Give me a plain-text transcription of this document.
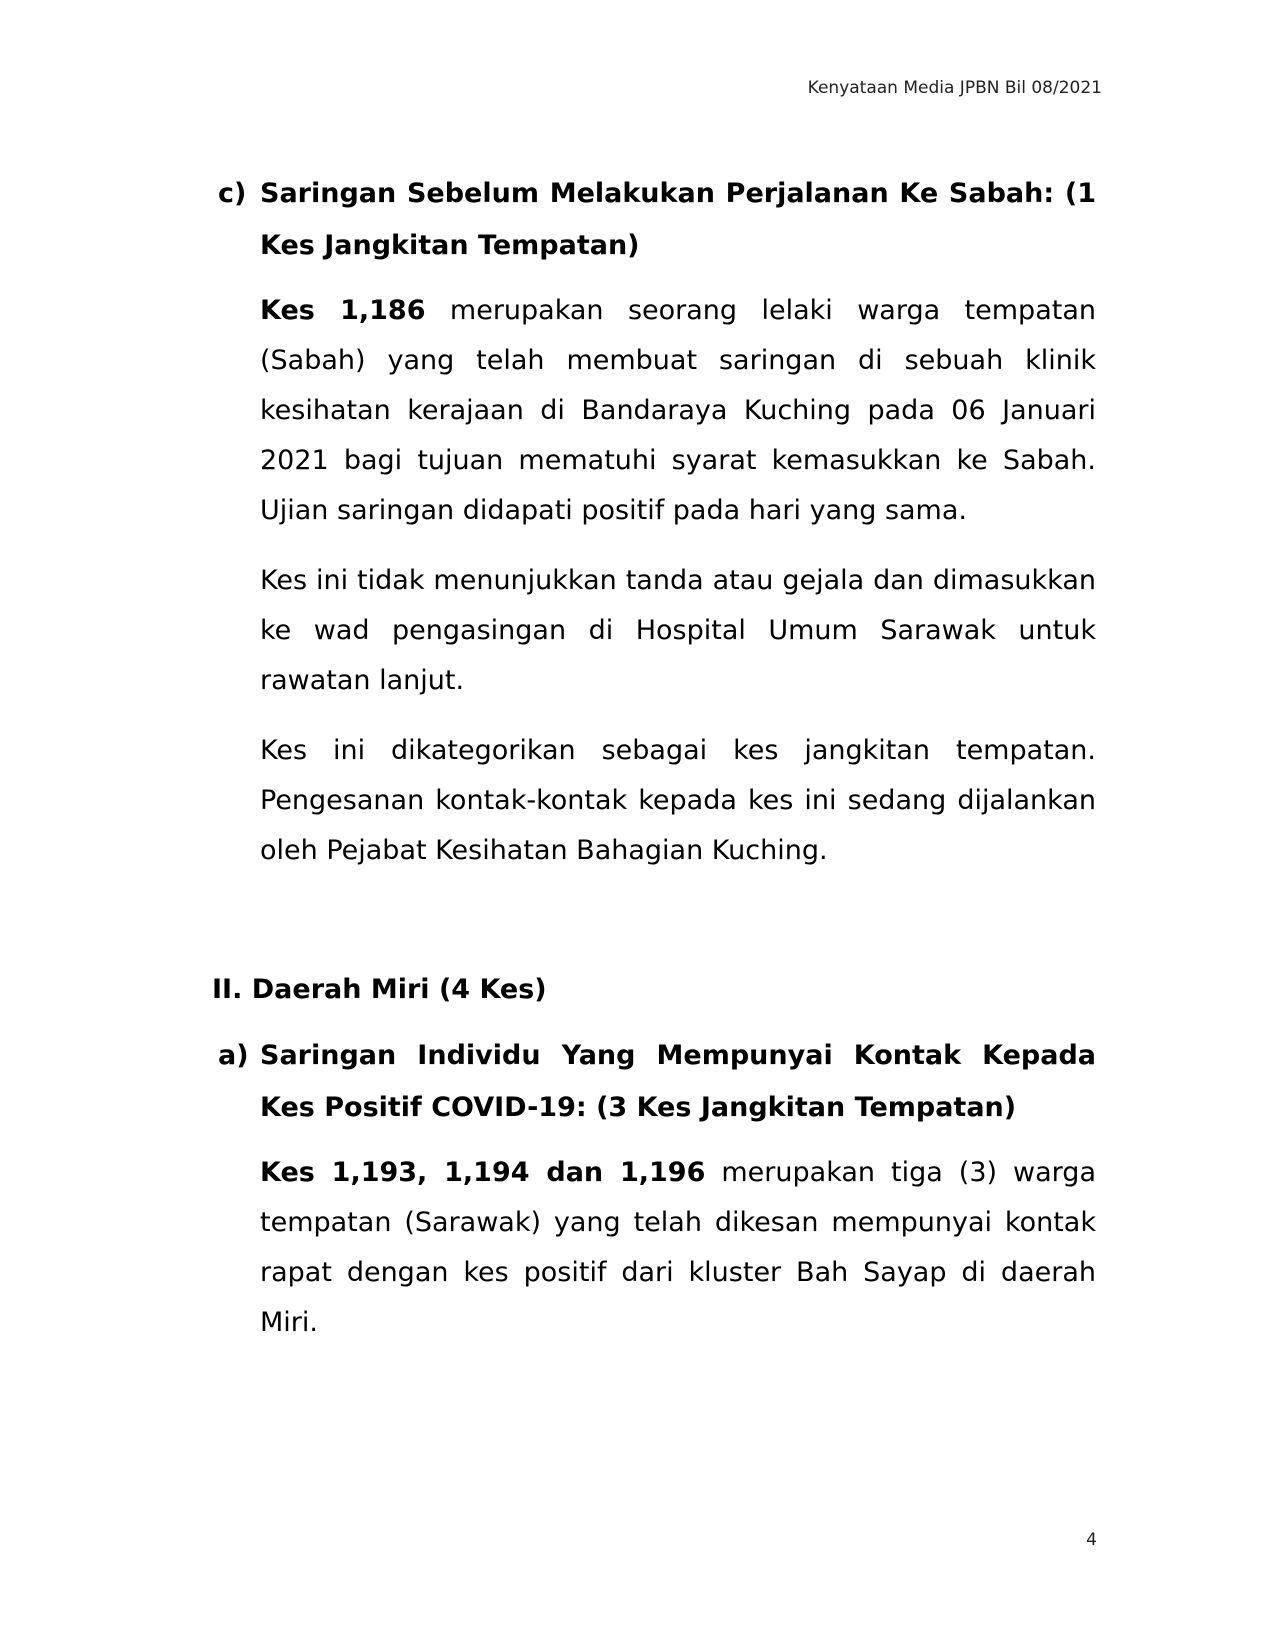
Kenyataan Media JPBN Bil 08/2021
c) Saringan Sebelum Melakukan Perjalanan Ke Sabah: (1 Kes Jangkitan Tempatan)

Kes 1,186 merupakan seorang lelaki warga tempatan (Sabah) yang telah membuat saringan di sebuah klinik kesihatan kerajaan di Bandaraya Kuching pada 06 Januari 2021 bagi tujuan mematuhi syarat kemasukkan ke Sabah. Ujian saringan didapati positif pada hari yang sama.

Kes ini tidak menunjukkan tanda atau gejala dan dimasukkan ke wad pengasingan di Hospital Umum Sarawak untuk rawatan lanjut.

Kes ini dikategorikan sebagai kes jangkitan tempatan. Pengesanan kontak-kontak kepada kes ini sedang dijalankan oleh Pejabat Kesihatan Bahagian Kuching.

II. Daerah Miri (4 Kes)
a) Saringan Individu Yang Mempunyai Kontak Kepada Kes Positif COVID-19: (3 Kes Jangkitan Tempatan)

Kes 1,193, 1,194 dan 1,196 merupakan tiga (3) warga tempatan (Sarawak) yang telah dikesan mempunyai kontak rapat dengan kes positif dari kluster Bah Sayap di daerah Miri.

4
